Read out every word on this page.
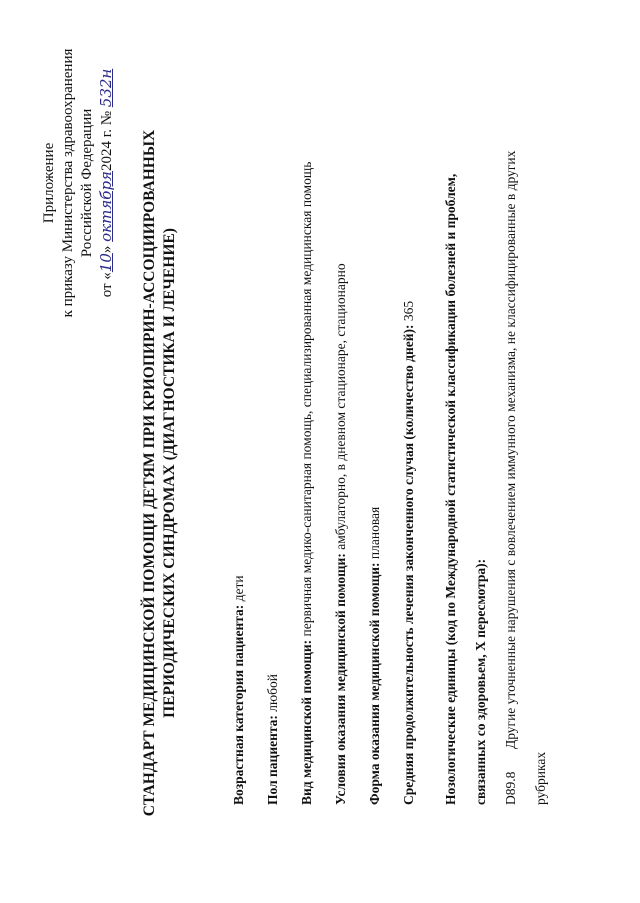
Приложение к приказу Министерства здравоохранения Российской Федерации
от «10» октября2024 г. № 532н
СТАНДАРТ МЕДИЦИНСКОЙ ПОМОЩИ ДЕТЯМ ПРИ КРИОПИРИН-АССОЦИИРОВАННЫХ ПЕРИОДИЧЕСКИХ СИНДРОМАХ (ДИАГНОСТИКА И ЛЕЧЕНИЕ)	Возрастная категория пациента: дети
Пол пациента: любой	Вид медицинской помощи: первичная медико-санитарная помощь, специализированная медицинская помощь
Условия оказания медицинской помощи: амбулаторно, в дневном стационаре, стационарно
Форма оказания медицинской помощи: плановая	Средняя продолжительность лечения законченного случая (количество дней): 365	Нозологические единицы (код по Международной статистической классификации болезней и проблем,	связанных со здоровьем, X пересмотра):	D89.8Другие уточненные нарушения с вовлечением иммунного механизма, не классифицированные в других
рубриках
